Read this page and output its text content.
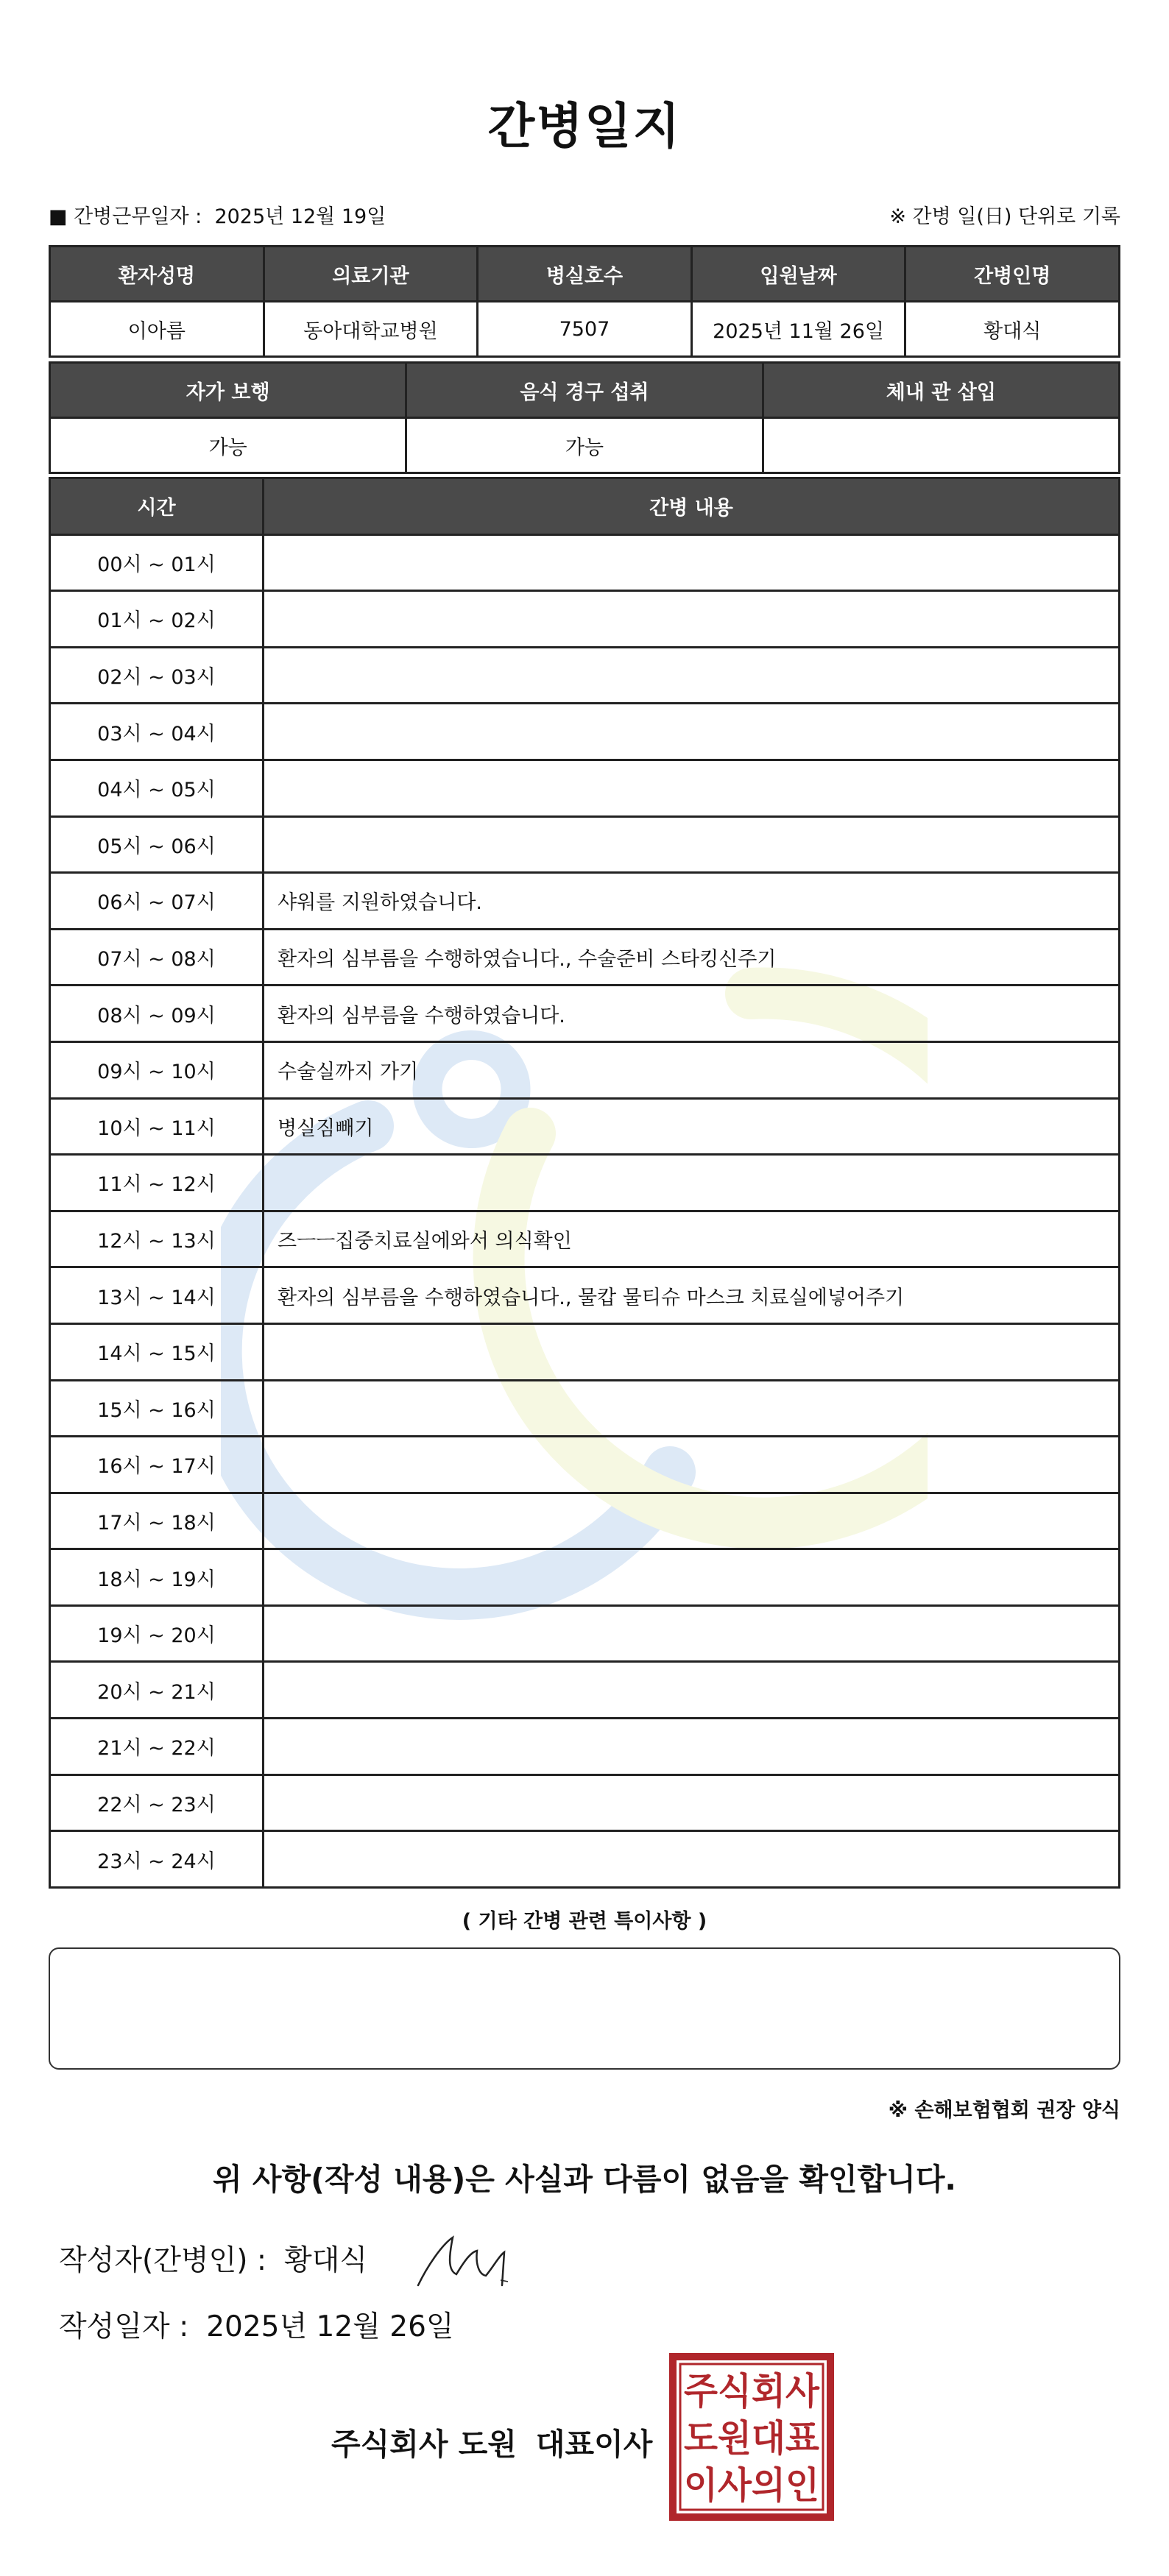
간병일지
■ 간병근무일자 : 2025년 12월 19일	※ 간병 일(日) 단위로 기록
환자성명	의료기관	병실호수	입원날짜	간병인명
이아름	동아대학교병원	7507	2025년 11월 26일	황대식
자가 보행	음식 경구 섭취	체내 관 삽입
가능	가능	
시간	간병 내용
00시 ~ 01시	
01시 ~ 02시	
02시 ~ 03시	
03시 ~ 04시	
04시 ~ 05시	
05시 ~ 06시	
06시 ~ 07시	샤워를 지원하였습니다.
07시 ~ 08시	환자의 심부름을 수행하였습니다., 수술준비 스타킹신주기
08시 ~ 09시	환자의 심부름을 수행하였습니다.
09시 ~ 10시	수술실까지 가기
10시 ~ 11시	병실짐빼기
11시 ~ 12시	
12시 ~ 13시	즈ㅡㅡ집중치료실에와서 의식확인
13시 ~ 14시	환자의 심부름을 수행하였습니다., 물캅 물티슈 마스크 치료실에넣어주기
14시 ~ 15시	
15시 ~ 16시	
16시 ~ 17시	
17시 ~ 18시	
18시 ~ 19시	
19시 ~ 20시	
20시 ~ 21시	
21시 ~ 22시	
22시 ~ 23시	
23시 ~ 24시	
( 기타 간병 관련 특이사항 )
※ 손해보험협회 권장 양식
위 사항(작성 내용)은 사실과 다름이 없음을 확인합니다.
작성자(간병인) : 황대식
작성일자 : 2025년 12월 26일
주식회사 도원 대표이사
주식회사
도원대표
이사의인
